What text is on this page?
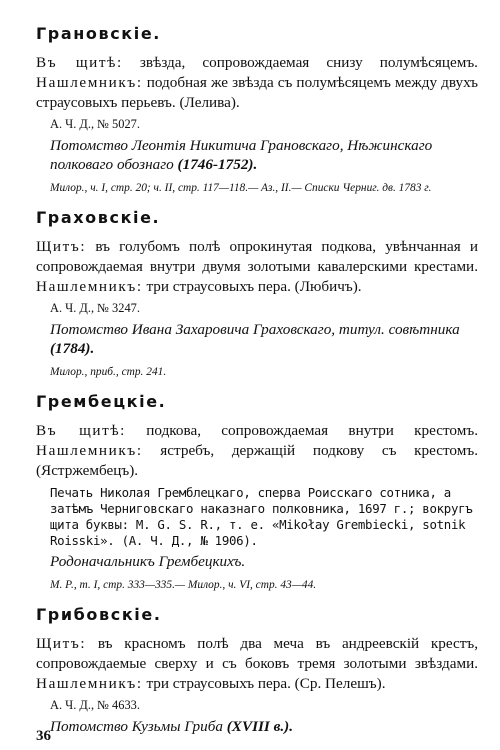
Грановскіе.

Въ щитѣ: звѣзда, сопровождаемая снизу полумѣсяцемъ. Нашлемникъ: подобная же звѣзда съ полумѣсяцемъ между двухъ страусовыхъ перьевъ. (Лелива).

А. Ч. Д., № 5027.

Потомство Леонтія Никитича Грановскаго, Нѣжинскаго полковаго обознаго (1746-1752).

Милор., ч. I, стр. 20; ч. II, стр. 117—118.— Аз., II.— Списки Черниг. дв. 1783 г.
Граховскіе.

Щитъ: въ голубомъ полѣ опрокинутая подкова, увѣнчанная и сопровождаемая внутри двумя золотыми кавалерскими крестами. Нашлемникъ: три страусовыхъ пера. (Любичъ).

А. Ч. Д., № 3247.

Потомство Ивана Захаровича Граховскаго, титул. совѣтника (1784).

Милор., приб., стр. 241.
Грембецкіе.

Въ щитѣ: подкова, сопровождаемая внутри крестомъ. Нашлемникъ: ястребъ, держащій подкову съ крестомъ. (Ястржембецъ).

Печать Николая Гремблецкаго, сперва Роисскаго сотника, а затѣмъ Черниговскаго наказнаго полковника, 1697 г.; вокругъ щита буквы: M. G. S. R., т. е. «Mikołay Grembiecki, sotnik Roisski». (А. Ч. Д., № 1906).

Родоначальникъ Грембецкихъ.

М. Р., т. I, стр. 333—335.— Милор., ч. VI, стр. 43—44.
Грибовскіе.

Щитъ: въ красномъ полѣ два меча въ андреевскій крестъ, сопровождаемые сверху и съ боковъ тремя золотыми звѣздами. Нашлемникъ: три страусовыхъ пера. (Ср. Пелешъ).

А. Ч. Д., № 4633.

Потомство Кузьмы Гриба (XVIII в.).

36
